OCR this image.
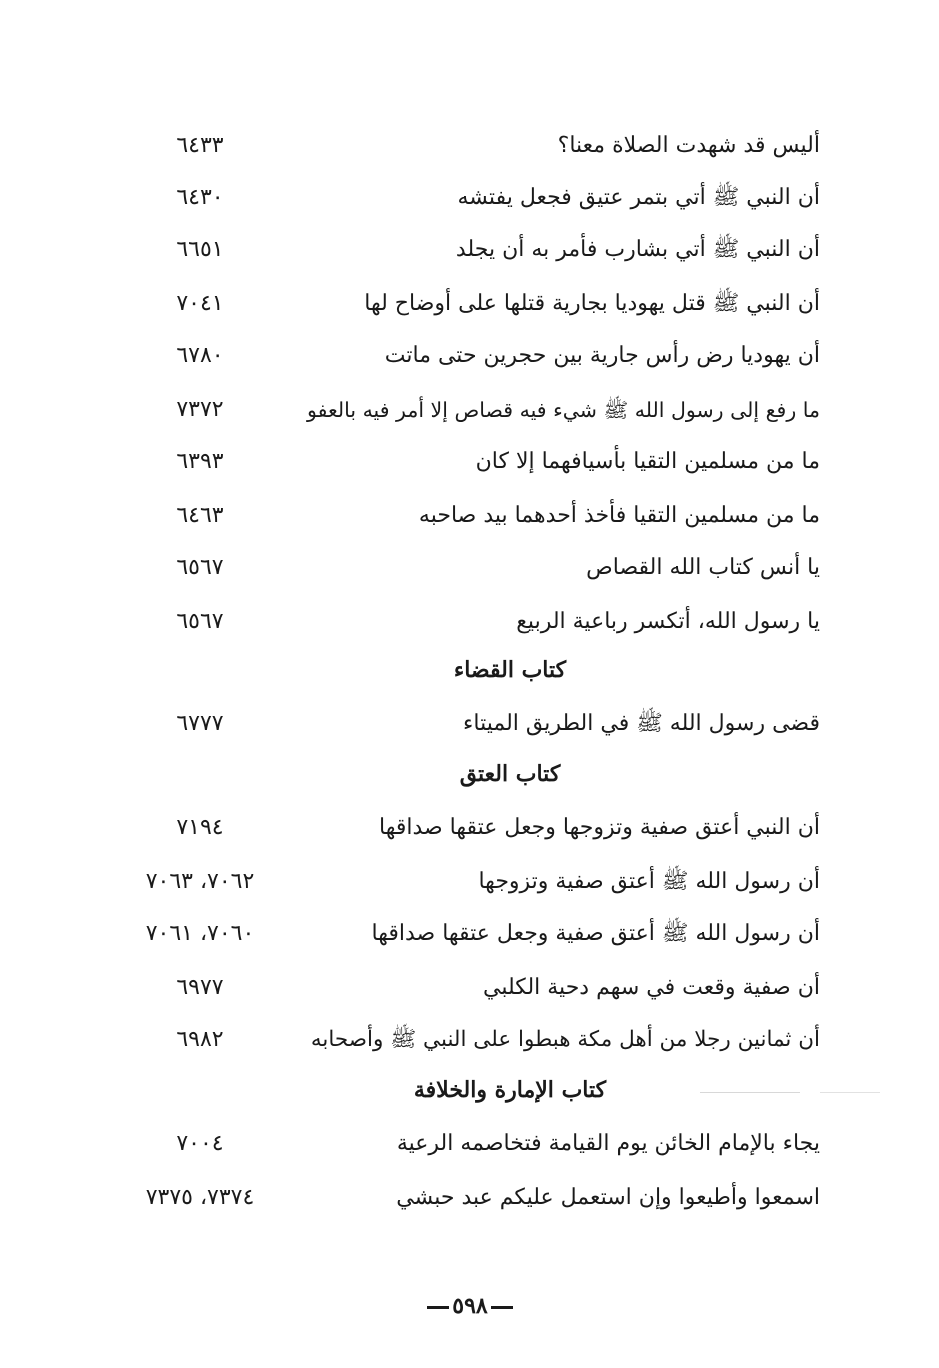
أليس قد شهدت الصلاة معنا؟
٦٤٣٣
أن النبي ﷺ أتي بتمر عتيق فجعل يفتشه
٦٤٣٠
أن النبي ﷺ أتي بشارب فأمر به أن يجلد
٦٦٥١
أن النبي ﷺ قتل يهوديا بجارية قتلها على أوضاح لها
٧٠٤١
أن يهوديا رض رأس جارية بين حجرين حتى ماتت
٦٧٨٠
ما رفع إلى رسول الله ﷺ شيء فيه قصاص إلا أمر فيه بالعفو
٧٣٧٢
ما من مسلمين التقيا بأسيافهما إلا كان
٦٣٩٣
ما من مسلمين التقيا فأخذ أحدهما بيد صاحبه
٦٤٦٣
يا أنس كتاب الله القصاص
٦٥٦٧
يا رسول الله، أتكسر رباعية الربيع
٦٥٦٧
كتاب القضاء
قضى رسول الله ﷺ في الطريق الميتاء
٦٧٧٧
كتاب العتق
أن النبي أعتق صفية وتزوجها وجعل عتقها صداقها
٧١٩٤
أن رسول الله ﷺ أعتق صفية وتزوجها
٧٠٦٢، ٧٠٦٣
أن رسول الله ﷺ أعتق صفية وجعل عتقها صداقها
٧٠٦٠، ٧٠٦١
أن صفية وقعت في سهم دحية الكلبي
٦٩٧٧
أن ثمانين رجلا من أهل مكة هبطوا على النبي ﷺ وأصحابه
٦٩٨٢
كتاب الإمارة والخلافة
يجاء بالإمام الخائن يوم القيامة فتخاصمه الرعية
٧٠٠٤
اسمعوا وأطيعوا وإن استعمل عليكم عبد حبشي
٧٣٧٤، ٧٣٧٥
٥٩٨
